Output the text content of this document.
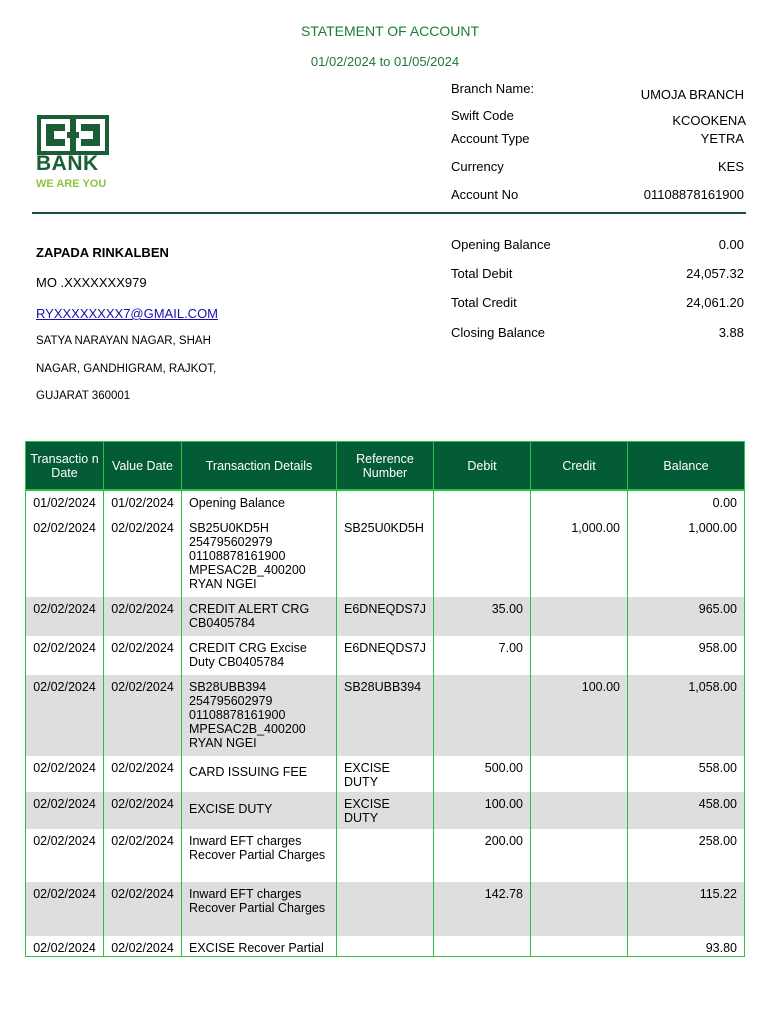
STATEMENT OF ACCOUNT
01/02/2024 to 01/05/2024
BANK
WE ARE YOU
Branch Name:	UMOJA BRANCH
Swift Code	KCOOKENA
Account Type	YETRA
Currency	KES
Account No	01108878161900
ZAPADA RINKALBEN
MO .XXXXXXX979
RYXXXXXXXX7@GMAIL.COM
SATYA NARAYAN NAGAR, SHAH
NAGAR, GANDHIGRAM, RAJKOT,
GUJARAT 360001
Opening Balance	0.00
Total Debit	24,057.32
Total Credit	24,061.20
Closing Balance	3.88
Transactio n Date	Value Date	Transaction Details	Reference Number	Debit	Credit	Balance
01/02/2024	01/02/2024	Opening Balance				0.00
02/02/2024	02/02/2024	SB25U0KD5H 254795602979 01108878161900 MPESAC2B_400200 RYAN NGEI	SB25U0KD5H		1,000.00	1,000.00
02/02/2024	02/02/2024	CREDIT ALERT CRG CB0405784	E6DNEQDS7J	35.00		965.00
02/02/2024	02/02/2024	CREDIT CRG Excise Duty CB0405784	E6DNEQDS7J	7.00		958.00
02/02/2024	02/02/2024	SB28UBB394 254795602979 01108878161900 MPESAC2B_400200 RYAN NGEI	SB28UBB394		100.00	1,058.00
02/02/2024	02/02/2024	CARD ISSUING FEE	EXCISE DUTY	500.00		558.00
02/02/2024	02/02/2024	EXCISE DUTY	EXCISE DUTY	100.00		458.00
02/02/2024	02/02/2024	Inward EFT charges Recover Partial Charges		200.00		258.00
02/02/2024	02/02/2024	Inward EFT charges Recover Partial Charges		142.78		115.22
02/02/2024	02/02/2024	EXCISE Recover Partial				93.80
